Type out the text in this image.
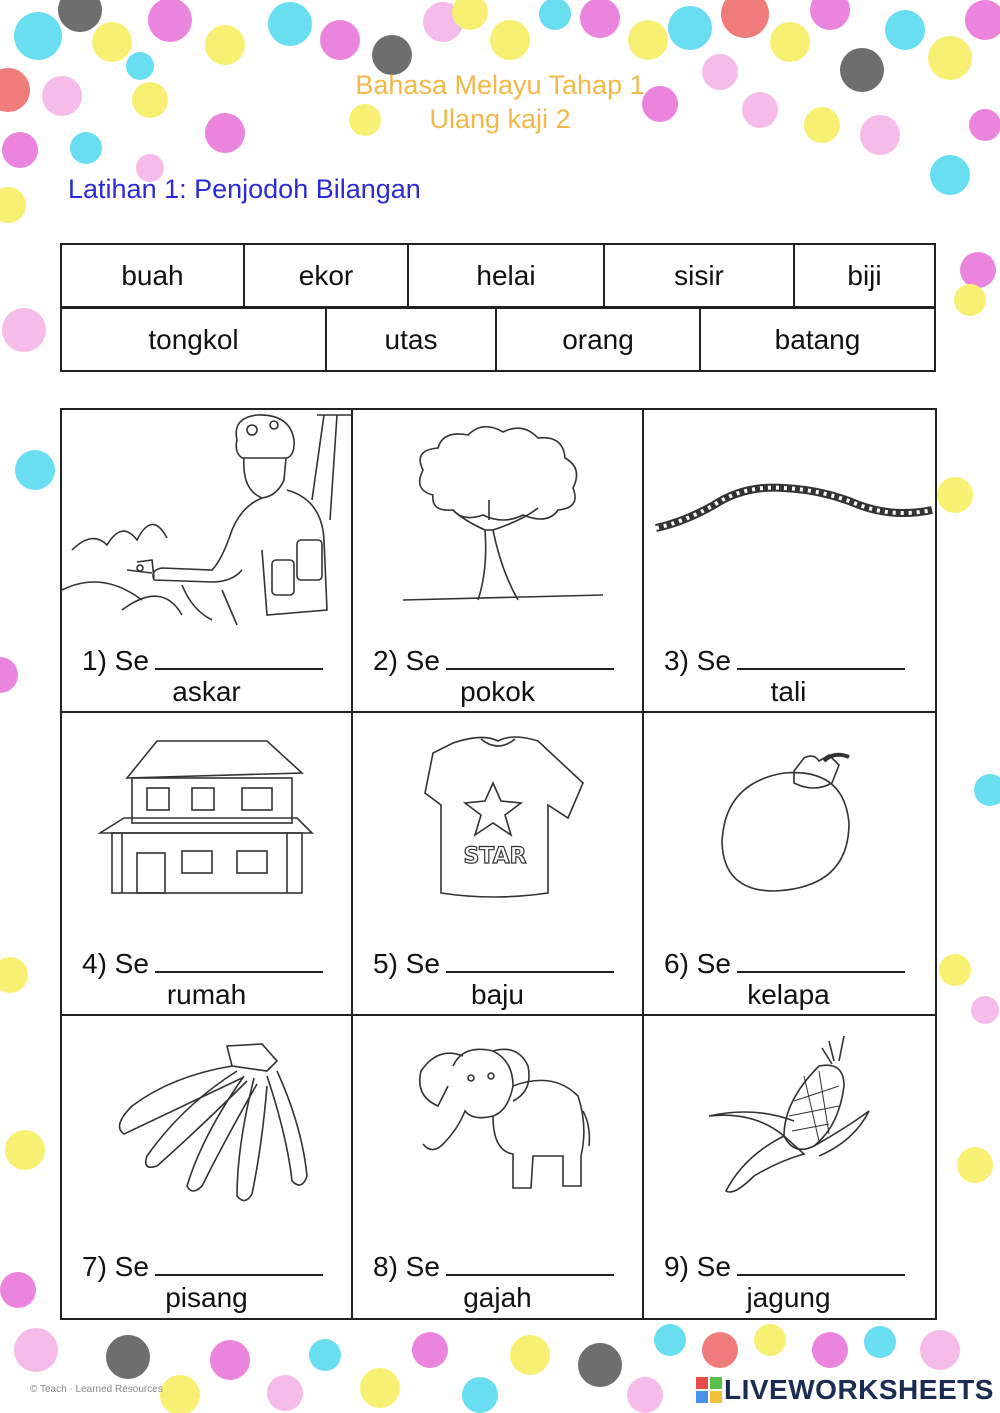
Bahasa Melayu Tahap 1
Ulang kaji 2
Latihan 1: Penjodoh Bilangan
buah	ekor	helai	sisir	biji
tongkol	utas	orang	batang
1) Se
askar
2) Se
pokok
3) Se
tali
4) Se
rumah
STAR
5) Se
baju
6) Se
kelapa
7) Se
pisang
8) Se
gajah
9) Se
jagung
© Teach · Learned Resources	LIVEWORKSHEETS
